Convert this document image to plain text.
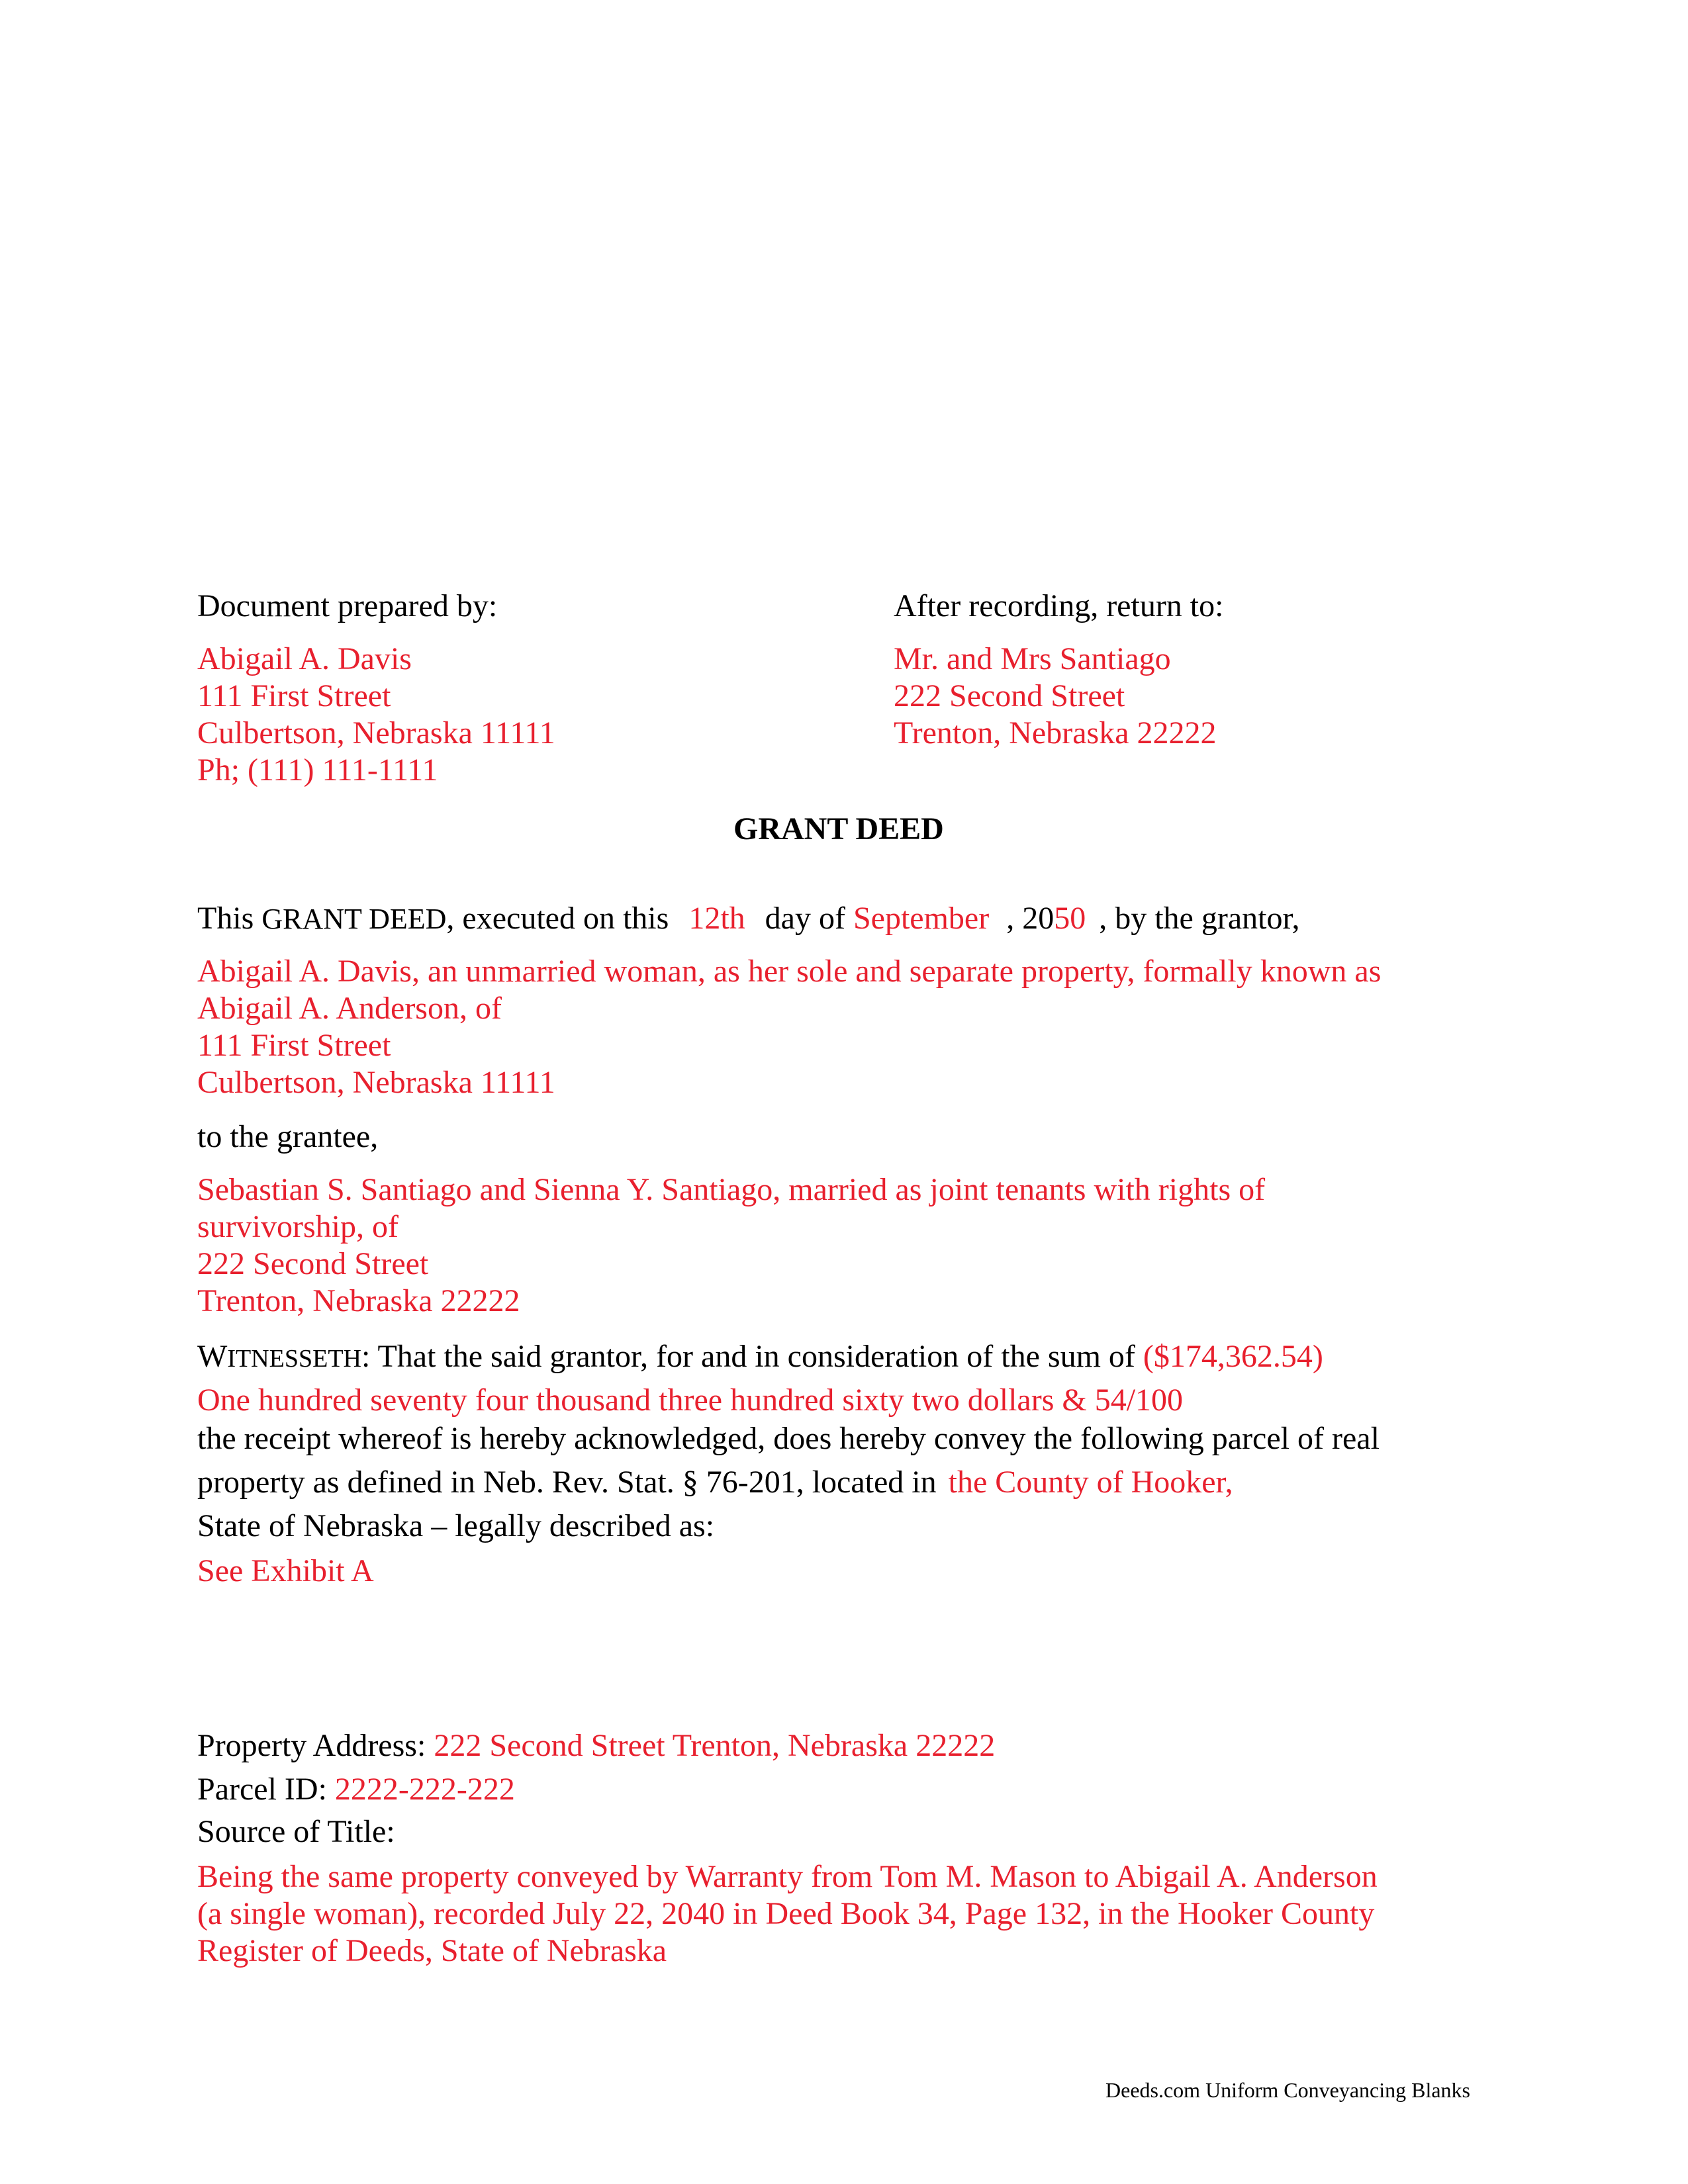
Document prepared by:
Abigail A. Davis
111 First Street
Culbertson, Nebraska 11111
Ph; (111) 111-1111
After recording, return to:
Mr. and Mrs Santiago
222 Second Street
Trenton, Nebraska 22222
GRANT DEED
This GRANT DEED, executed on this 12th day of September , 2050 , by the grantor,
Abigail A. Davis, an unmarried woman, as her sole and separate property, formally known as
Abigail A. Anderson, of
111 First Street
Culbertson, Nebraska 11111
to the grantee,
Sebastian S. Santiago and Sienna Y. Santiago, married as joint tenants with rights of
survivorship, of
222 Second Street
Trenton, Nebraska 22222
WITNESSETH: That the said grantor, for and in consideration of the sum of ($174,362.54)
One hundred seventy four thousand three hundred sixty two dollars & 54/100
the receipt whereof is hereby acknowledged, does hereby convey the following parcel of real
property as defined in Neb. Rev. Stat. § 76-201, located in the County of Hooker,
State of Nebraska – legally described as:
See Exhibit A
Property Address: 222 Second Street Trenton, Nebraska 22222
Parcel ID: 2222-222-222
Source of Title:
Being the same property conveyed by Warranty from Tom M. Mason to Abigail A. Anderson
(a single woman), recorded July 22, 2040 in Deed Book 34, Page 132, in the Hooker County
Register of Deeds, State of Nebraska
Deeds.com Uniform Conveyancing Blanks
